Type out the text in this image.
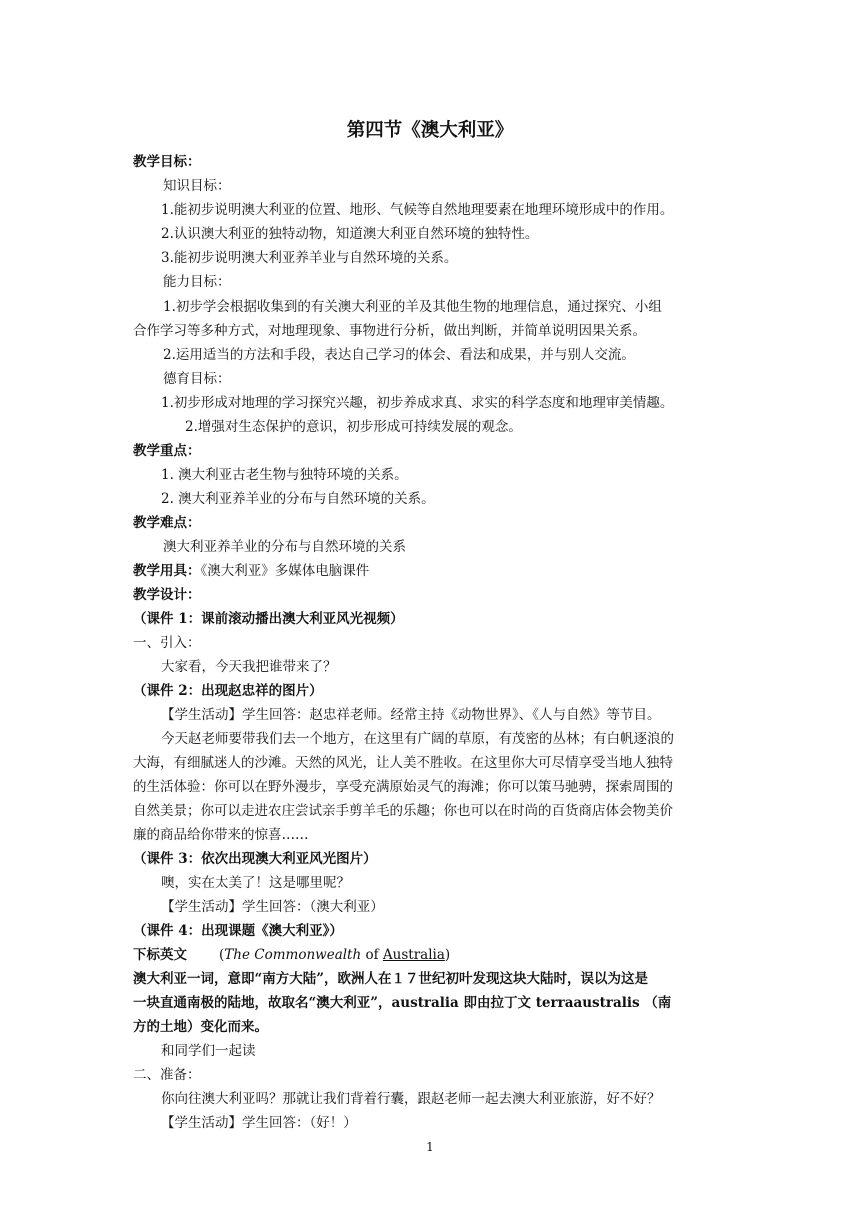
第四节《澳大利亚》
教学目标：
知识目标：
1.能初步说明澳大利亚的位置、地形、气候等自然地理要素在地理环境形成中的作用。
2.认识澳大利亚的独特动物，知道澳大利亚自然环境的独特性。
3.能初步说明澳大利亚养羊业与自然环境的关系。
能力目标：
1.初步学会根据收集到的有关澳大利亚的羊及其他生物的地理信息，通过探究、小组
合作学习等多种方式，对地理现象、事物进行分析，做出判断，并简单说明因果关系。
2.运用适当的方法和手段，表达自己学习的体会、看法和成果，并与别人交流。
德育目标：
1.初步形成对地理的学习探究兴趣，初步养成求真、求实的科学态度和地理审美情趣。
2.增强对生态保护的意识，初步形成可持续发展的观念。
教学重点：
1. 澳大利亚古老生物与独特环境的关系。
2. 澳大利亚养羊业的分布与自然环境的关系。
教学难点：
澳大利亚养羊业的分布与自然环境的关系
教学用具：《澳大利亚》多媒体电脑课件
教学设计：
（课件 1：课前滚动播出澳大利亚风光视频）
一、引入：
大家看，今天我把谁带来了？
（课件 2：出现赵忠祥的图片）
【学生活动】学生回答：赵忠祥老师。经常主持《动物世界》、《人与自然》等节目。
今天赵老师要带我们去一个地方，在这里有广阔的草原，有茂密的丛林；有白帆逐浪的
大海，有细腻迷人的沙滩。天然的风光，让人美不胜收。在这里你大可尽情享受当地人独特
的生活体验：你可以在野外漫步，享受充满原始灵气的海滩；你可以策马驰骋，探索周围的
自然美景；你可以走进农庄尝试亲手剪羊毛的乐趣；你也可以在时尚的百货商店体会物美价
廉的商品给你带来的惊喜……
（课件 3：依次出现澳大利亚风光图片）
噢，实在太美了！这是哪里呢？
【学生活动】学生回答：（澳大利亚）
（课件 4：出现课题《澳大利亚》）
下标英文 (The Commonwealth of Australia)
澳大利亚一词，意即“南方大陆”，欧洲人在１７世纪初叶发现这块大陆时，误以为这是
一块直通南极的陆地，故取名“澳大利亚”，australia 即由拉丁文 terraaustralis （南
方的土地）变化而来。
和同学们一起读
二、准备：
你向往澳大利亚吗？那就让我们背着行囊，跟赵老师一起去澳大利亚旅游，好不好？
【学生活动】学生回答：（好！）
1
